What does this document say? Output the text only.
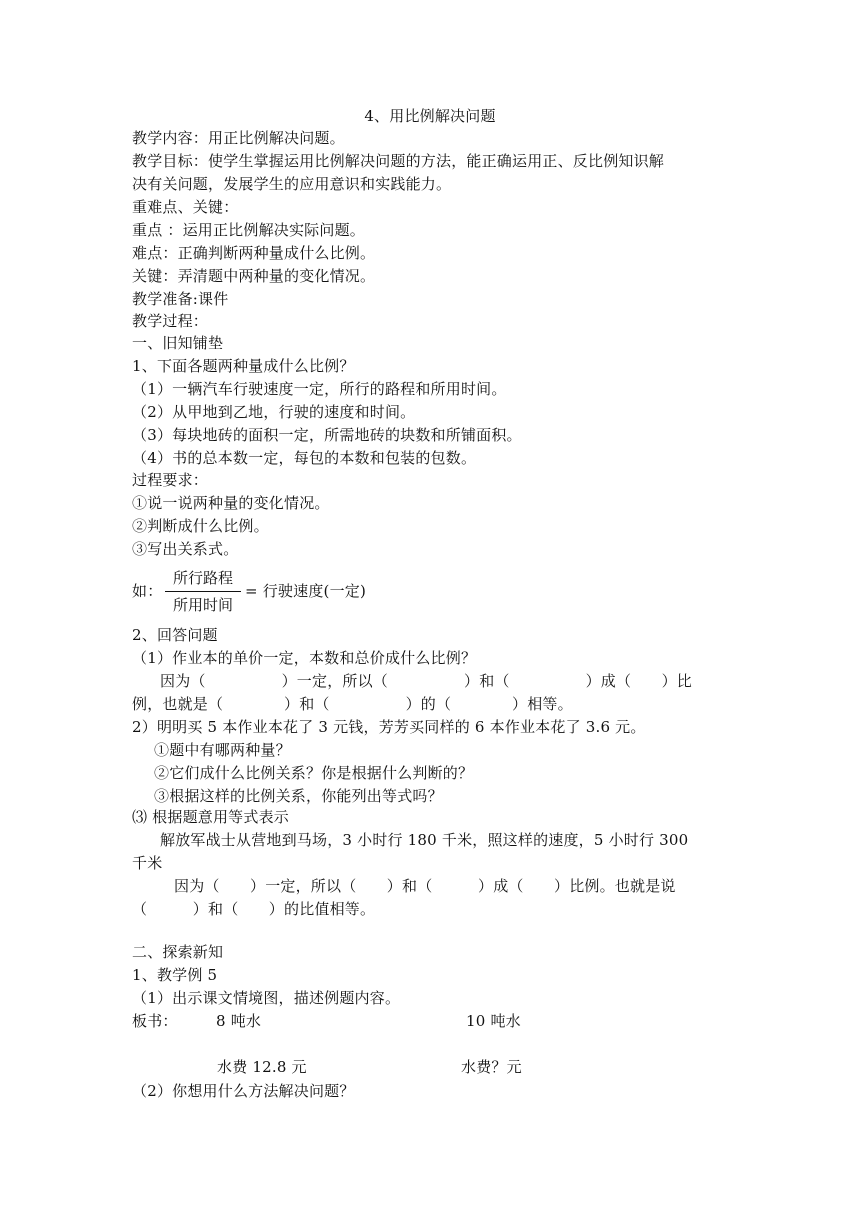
4、用比例解决问题
教学内容：用正比例解决问题。
教学目标：使学生掌握运用比例解决问题的方法，能正确运用正、反比例知识解
决有关问题，发展学生的应用意识和实践能力。
重难点、关键：
重点 ：运用正比例解决实际问题。
难点：正确判断两种量成什么比例。
关键：弄清题中两种量的变化情况。
教学准备:课件
教学过程：
一、旧知铺垫
1、下面各题两种量成什么比例？
（1）一辆汽车行驶速度一定，所行的路程和所用时间。
（2）从甲地到乙地，行驶的速度和时间。
（3）每块地砖的面积一定，所需地砖的块数和所铺面积。
（4）书的总本数一定，每包的本数和包装的包数。
过程要求：
①说一说两种量的变化情况。
②判断成什么比例。
③写出关系式。
如：
所行路程
所用时间
= 行驶速度(一定)
2、回答问题
（1）作业本的单价一定，本数和总价成什么比例？
因为（　　　　　）一定，所以（　　　　　）和（　　　　　）成（　　）比
例，也就是（　　　　）和（　　　　　）的（　　　　）相等。
2）明明买 5 本作业本花了 3 元钱，芳芳买同样的 6 本作业本花了 3.6 元。
①题中有哪两种量？
②它们成什么比例关系？你是根据什么判断的？
③根据这样的比例关系，你能列出等式吗？
⑶ 根据题意用等式表示
解放军战士从营地到马场，3 小时行 180 千米，照这样的速度，5 小时行 300
千米
因为（　　）一定，所以（　　）和（　　　）成（　　）比例。也就是说
（　　　）和（　　）的比值相等。
二、探索新知
1、教学例 5
（1）出示课文情境图，描述例题内容。
板书：	8 吨水	10 吨水
水费 12.8 元	水费？元
（2）你想用什么方法解决问题？
